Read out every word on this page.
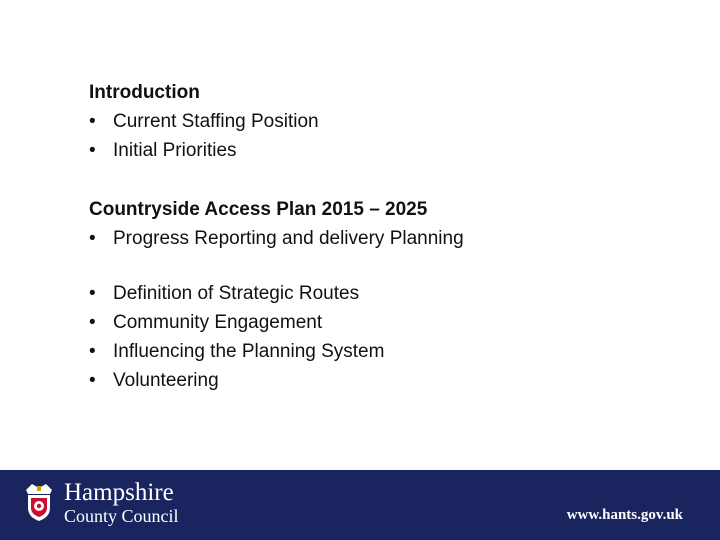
Introduction
• Current Staffing Position
• Initial Priorities
Countryside Access Plan 2015 – 2025
• Progress Reporting and delivery Planning
• Definition of Strategic Routes
• Community Engagement
• Influencing the Planning System
• Volunteering
Hampshire
County Council	www.hants.gov.uk
